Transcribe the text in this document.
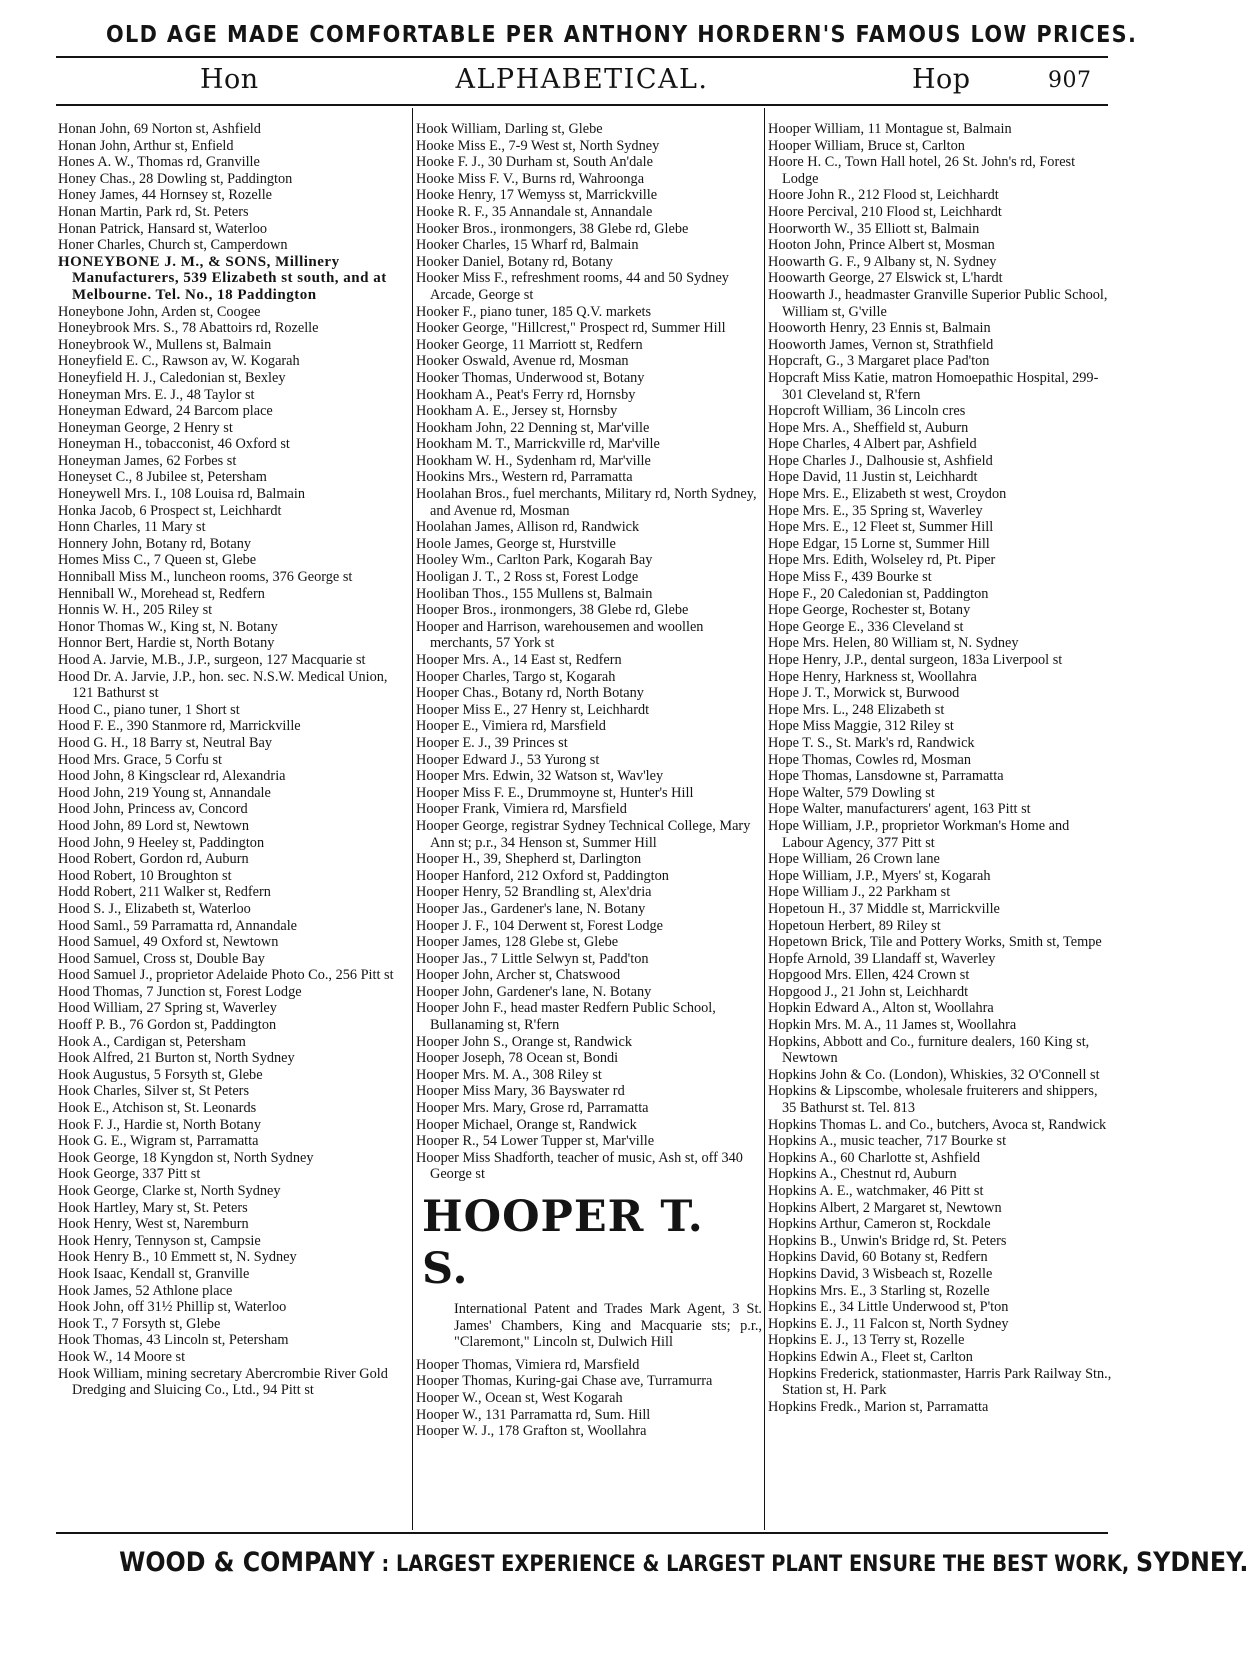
OLD AGE MADE COMFORTABLE PER ANTHONY HORDERN'S FAMOUS LOW PRICES.
Hon	ALPHABETICAL.	Hop	907
Honan John, 69 Norton st, Ashfield
Honan John, Arthur st, Enfield
Hones A. W., Thomas rd, Granville
Honey Chas., 28 Dowling st, Paddington
Honey James, 44 Hornsey st, Rozelle
Honan Martin, Park rd, St. Peters
Honan Patrick, Hansard st, Waterloo
Honer Charles, Church st, Camperdown
HONEYBONE J. M., & SONS, Millinery Manufacturers, 539 Elizabeth st south, and at Melbourne. Tel. No., 18 Paddington
Honeybone John, Arden st, Coogee
Honeybrook Mrs. S., 78 Abattoirs rd, Rozelle
Honeybrook W., Mullens st, Balmain
Honeyfield E. C., Rawson av, W. Kogarah
Honeyfield H. J., Caledonian st, Bexley
Honeyman Mrs. E. J., 48 Taylor st
Honeyman Edward, 24 Barcom place
Honeyman George, 2 Henry st
Honeyman H., tobacconist, 46 Oxford st
Honeyman James, 62 Forbes st
Honeyset C., 8 Jubilee st, Petersham
Honeywell Mrs. I., 108 Louisa rd, Balmain
Honka Jacob, 6 Prospect st, Leichhardt
Honn Charles, 11 Mary st
Honnery John, Botany rd, Botany
Homes Miss C., 7 Queen st, Glebe
Honniball Miss M., luncheon rooms, 376 George st
Henniball W., Morehead st, Redfern
Honnis W. H., 205 Riley st
Honor Thomas W., King st, N. Botany
Honnor Bert, Hardie st, North Botany
Hood A. Jarvie, M.B., J.P., surgeon, 127 Macquarie st
Hood Dr. A. Jarvie, J.P., hon. sec. N.S.W. Medical Union, 121 Bathurst st
Hood C., piano tuner, 1 Short st
Hood F. E., 390 Stanmore rd, Marrickville
Hood G. H., 18 Barry st, Neutral Bay
Hood Mrs. Grace, 5 Corfu st
Hood John, 8 Kingsclear rd, Alexandria
Hood John, 219 Young st, Annandale
Hood John, Princess av, Concord
Hood John, 89 Lord st, Newtown
Hood John, 9 Heeley st, Paddington
Hood Robert, Gordon rd, Auburn
Hood Robert, 10 Broughton st
Hodd Robert, 211 Walker st, Redfern
Hood S. J., Elizabeth st, Waterloo
Hood Saml., 59 Parramatta rd, Annandale
Hood Samuel, 49 Oxford st, Newtown
Hood Samuel, Cross st, Double Bay
Hood Samuel J., proprietor Adelaide Photo Co., 256 Pitt st
Hood Thomas, 7 Junction st, Forest Lodge
Hood William, 27 Spring st, Waverley
Hooff P. B., 76 Gordon st, Paddington
Hook A., Cardigan st, Petersham
Hook Alfred, 21 Burton st, North Sydney
Hook Augustus, 5 Forsyth st, Glebe
Hook Charles, Silver st, St Peters
Hook E., Atchison st, St. Leonards
Hook F. J., Hardie st, North Botany
Hook G. E., Wigram st, Parramatta
Hook George, 18 Kyngdon st, North Sydney
Hook George, 337 Pitt st
Hook George, Clarke st, North Sydney
Hook Hartley, Mary st, St. Peters
Hook Henry, West st, Naremburn
Hook Henry, Tennyson st, Campsie
Hook Henry B., 10 Emmett st, N. Sydney
Hook Isaac, Kendall st, Granville
Hook James, 52 Athlone place
Hook John, off 31½ Phillip st, Waterloo
Hook T., 7 Forsyth st, Glebe
Hook Thomas, 43 Lincoln st, Petersham
Hook W., 14 Moore st
Hook William, mining secretary Abercrombie River Gold Dredging and Sluicing Co., Ltd., 94 Pitt st
Hook William, Darling st, Glebe
Hooke Miss E., 7-9 West st, North Sydney
Hooke F. J., 30 Durham st, South An'dale
Hooke Miss F. V., Burns rd, Wahroonga
Hooke Henry, 17 Wemyss st, Marrickville
Hooke R. F., 35 Annandale st, Annandale
Hooker Bros., ironmongers, 38 Glebe rd, Glebe
Hooker Charles, 15 Wharf rd, Balmain
Hooker Daniel, Botany rd, Botany
Hooker Miss F., refreshment rooms, 44 and 50 Sydney Arcade, George st
Hooker F., piano tuner, 185 Q.V. markets
Hooker George, "Hillcrest," Prospect rd, Summer Hill
Hooker George, 11 Marriott st, Redfern
Hooker Oswald, Avenue rd, Mosman
Hooker Thomas, Underwood st, Botany
Hookham A., Peat's Ferry rd, Hornsby
Hookham A. E., Jersey st, Hornsby
Hookham John, 22 Denning st, Mar'ville
Hookham M. T., Marrickville rd, Mar'ville
Hookham W. H., Sydenham rd, Mar'ville
Hookins Mrs., Western rd, Parramatta
Hoolahan Bros., fuel merchants, Military rd, North Sydney, and Avenue rd, Mosman
Hoolahan James, Allison rd, Randwick
Hoole James, George st, Hurstville
Hooley Wm., Carlton Park, Kogarah Bay
Hooligan J. T., 2 Ross st, Forest Lodge
Hooliban Thos., 155 Mullens st, Balmain
Hooper Bros., ironmongers, 38 Glebe rd, Glebe
Hooper and Harrison, warehousemen and woollen merchants, 57 York st
Hooper Mrs. A., 14 East st, Redfern
Hooper Charles, Targo st, Kogarah
Hooper Chas., Botany rd, North Botany
Hooper Miss E., 27 Henry st, Leichhardt
Hooper E., Vimiera rd, Marsfield
Hooper E. J., 39 Princes st
Hooper Edward J., 53 Yurong st
Hooper Mrs. Edwin, 32 Watson st, Wav'ley
Hooper Miss F. E., Drummoyne st, Hunter's Hill
Hooper Frank, Vimiera rd, Marsfield
Hooper George, registrar Sydney Technical College, Mary Ann st; p.r., 34 Henson st, Summer Hill
Hooper H., 39, Shepherd st, Darlington
Hooper Hanford, 212 Oxford st, Paddington
Hooper Henry, 52 Brandling st, Alex'dria
Hooper Jas., Gardener's lane, N. Botany
Hooper J. F., 104 Derwent st, Forest Lodge
Hooper James, 128 Glebe st, Glebe
Hooper Jas., 7 Little Selwyn st, Padd'ton
Hooper John, Archer st, Chatswood
Hooper John, Gardener's lane, N. Botany
Hooper John F., head master Redfern Public School, Bullanaming st, R'fern
Hooper John S., Orange st, Randwick
Hooper Joseph, 78 Ocean st, Bondi
Hooper Mrs. M. A., 308 Riley st
Hooper Miss Mary, 36 Bayswater rd
Hooper Mrs. Mary, Grose rd, Parramatta
Hooper Michael, Orange st, Randwick
Hooper R., 54 Lower Tupper st, Mar'ville
Hooper Miss Shadforth, teacher of music, Ash st, off 340 George st
HOOPER T. S.
International Patent and Trades Mark Agent, 3 St. James' Chambers, King and Macquarie sts; p.r., "Claremont," Lincoln st, Dulwich Hill
Hooper Thomas, Vimiera rd, Marsfield
Hooper Thomas, Kuring-gai Chase ave, Turramurra
Hooper W., Ocean st, West Kogarah
Hooper W., 131 Parramatta rd, Sum. Hill
Hooper W. J., 178 Grafton st, Woollahra
Hooper William, 11 Montague st, Balmain
Hooper William, Bruce st, Carlton
Hoore H. C., Town Hall hotel, 26 St. John's rd, Forest Lodge
Hoore John R., 212 Flood st, Leichhardt
Hoore Percival, 210 Flood st, Leichhardt
Hoorworth W., 35 Elliott st, Balmain
Hooton John, Prince Albert st, Mosman
Hoowarth G. F., 9 Albany st, N. Sydney
Hoowarth George, 27 Elswick st, L'hardt
Hoowarth J., headmaster Granville Superior Public School, William st, G'ville
Hooworth Henry, 23 Ennis st, Balmain
Hooworth James, Vernon st, Strathfield
Hopcraft, G., 3 Margaret place Pad'ton
Hopcraft Miss Katie, matron Homoepathic Hospital, 299-301 Cleveland st, R'fern
Hopcroft William, 36 Lincoln cres
Hope Mrs. A., Sheffield st, Auburn
Hope Charles, 4 Albert par, Ashfield
Hope Charles J., Dalhousie st, Ashfield
Hope David, 11 Justin st, Leichhardt
Hope Mrs. E., Elizabeth st west, Croydon
Hope Mrs. E., 35 Spring st, Waverley
Hope Mrs. E., 12 Fleet st, Summer Hill
Hope Edgar, 15 Lorne st, Summer Hill
Hope Mrs. Edith, Wolseley rd, Pt. Piper
Hope Miss F., 439 Bourke st
Hope F., 20 Caledonian st, Paddington
Hope George, Rochester st, Botany
Hope George E., 336 Cleveland st
Hope Mrs. Helen, 80 William st, N. Sydney
Hope Henry, J.P., dental surgeon, 183a Liverpool st
Hope Henry, Harkness st, Woollahra
Hope J. T., Morwick st, Burwood
Hope Mrs. L., 248 Elizabeth st
Hope Miss Maggie, 312 Riley st
Hope T. S., St. Mark's rd, Randwick
Hope Thomas, Cowles rd, Mosman
Hope Thomas, Lansdowne st, Parramatta
Hope Walter, 579 Dowling st
Hope Walter, manufacturers' agent, 163 Pitt st
Hope William, J.P., proprietor Workman's Home and Labour Agency, 377 Pitt st
Hope William, 26 Crown lane
Hope William, J.P., Myers' st, Kogarah
Hope William J., 22 Parkham st
Hopetoun H., 37 Middle st, Marrickville
Hopetoun Herbert, 89 Riley st
Hopetown Brick, Tile and Pottery Works, Smith st, Tempe
Hopfe Arnold, 39 Llandaff st, Waverley
Hopgood Mrs. Ellen, 424 Crown st
Hopgood J., 21 John st, Leichhardt
Hopkin Edward A., Alton st, Woollahra
Hopkin Mrs. M. A., 11 James st, Woollahra
Hopkins, Abbott and Co., furniture dealers, 160 King st, Newtown
Hopkins John & Co. (London), Whiskies, 32 O'Connell st
Hopkins & Lipscombe, wholesale fruiterers and shippers, 35 Bathurst st. Tel. 813
Hopkins Thomas L. and Co., butchers, Avoca st, Randwick
Hopkins A., music teacher, 717 Bourke st
Hopkins A., 60 Charlotte st, Ashfield
Hopkins A., Chestnut rd, Auburn
Hopkins A. E., watchmaker, 46 Pitt st
Hopkins Albert, 2 Margaret st, Newtown
Hopkins Arthur, Cameron st, Rockdale
Hopkins B., Unwin's Bridge rd, St. Peters
Hopkins David, 60 Botany st, Redfern
Hopkins David, 3 Wisbeach st, Rozelle
Hopkins Mrs. E., 3 Starling st, Rozelle
Hopkins E., 34 Little Underwood st, P'ton
Hopkins E. J., 11 Falcon st, North Sydney
Hopkins E. J., 13 Terry st, Rozelle
Hopkins Edwin A., Fleet st, Carlton
Hopkins Frederick, stationmaster, Harris Park Railway Stn., Station st, H. Park
Hopkins Fredk., Marion st, Parramatta
WOOD & COMPANY : LARGEST EXPERIENCE & LARGEST PLANT ENSURE THE BEST WORK, SYDNEY.
